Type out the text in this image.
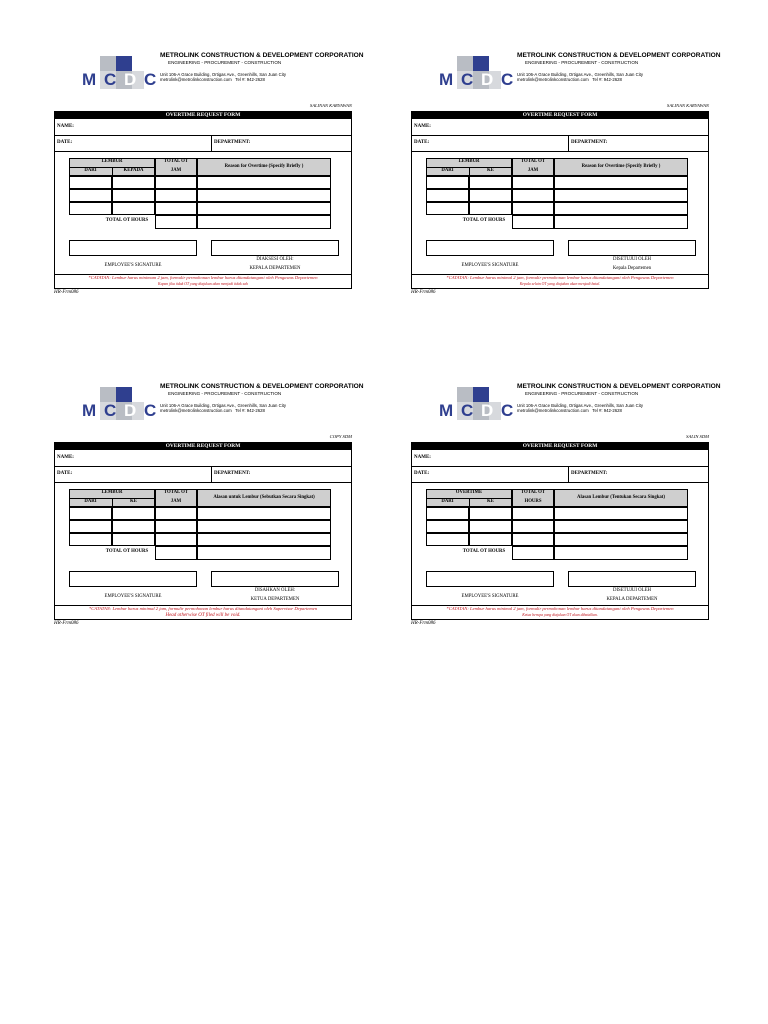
M C D C
METROLINK CONSTRUCTION & DEVELOPMENT CORPORATION
ENGINEERING - PROCUREMENT - CONSTRUCTION
Unit 106-A Grace Building, Ortigas Ave., Greenhills, San Juan City
metrolink@metrolinkconstruction.com Tel #: 942-2628
SALINAN KARYAWAN
OVERTIME REQUEST FORM
NAME:
DATE:	DEPARTMENT:
LEMBUR
DARI	KEPADA
TOTAL OT
JAM
Reason for Overtime (Specify Briefly )
TOTAL OT HOURS
EMPLOYEE'S SIGNATURE
DIAKSESI OLEH:
KEPALA DEPARTEMEN
*CATATAN: Lembur harus minimum 2 jam, formulir permohonan lembur harus ditandatangani oleh Pengawas Departemen
Kapan jika tidak OT yang diajukan akan menjadi tidak sah
HR-Frm086
M C D C
METROLINK CONSTRUCTION & DEVELOPMENT CORPORATION
ENGINEERING - PROCUREMENT - CONSTRUCTION
Unit 106-A Grace Building, Ortigas Ave., Greenhills, San Juan City
metrolink@metrolinkconstruction.com Tel #: 942-2628
SALINAN KARYAWAN
OVERTIME REQUEST FORM
NAME:
DATE:	DEPARTMENT:
LEMBUR
DARI	KE
TOTAL OT
JAM
Reason for Overtime (Specify Briefly )
TOTAL OT HOURS
EMPLOYEE'S SIGNATURE
DISETUJUI OLEH
Kepala Departemen
*CATATAN: Lembur harus minimal 2 jam, formulir permohonan lembur harus ditandatangani oleh Pengawas Departemen
Kepala selain OT yang diajukan akan menjadi batal.
HR-Frm086
M C D C
METROLINK CONSTRUCTION & DEVELOPMENT CORPORATION
ENGINEERING - PROCUREMENT - CONSTRUCTION
Unit 106-A Grace Building, Ortigas Ave., Greenhills, San Juan City
metrolink@metrolinkconstruction.com Tel #: 942-2628
COPY SDM
OVERTIME REQUEST FORM
NAME:
DATE:	DEPARTMENT:
LEMBUR
DARI	KE
TOTAL OT
JAM
Alasan untuk Lembur (Sebutkan Secara Singkat)
TOTAL OT HOURS
EMPLOYEE'S SIGNATURE
DISAHKAN OLEH:
KETUA DEPARTEMEN
*CATATAN: Lembur harus minimal 2 jam, formulir permohonan lembur harus ditandatangani oleh Supervisor Departemen
Head otherwise OT filed will be void.
HR-Frm086
M C D C
METROLINK CONSTRUCTION & DEVELOPMENT CORPORATION
ENGINEERING - PROCUREMENT - CONSTRUCTION
Unit 106-A Grace Building, Ortigas Ave., Greenhills, San Juan City
metrolink@metrolinkconstruction.com Tel #: 942-2628
SALIN SDM
OVERTIME REQUEST FORM
NAME:
DATE:	DEPARTMENT:
OVERTIME
DARI	KE
TOTAL OT
HOURS
Alasan Lembur (Tentukan Secara Singkat)
TOTAL OT HOURS
EMPLOYEE'S SIGNATURE
DISETUJUI OLEH
KEPALA DEPARTEMEN
*CATATAN: Lembur harus minimal 2 jam, formulir permohonan lembur harus ditandatangani oleh Pengawas Departemen
Ketua berupa yang diajukan OT akan dibatalkan.
HR-Frm086
